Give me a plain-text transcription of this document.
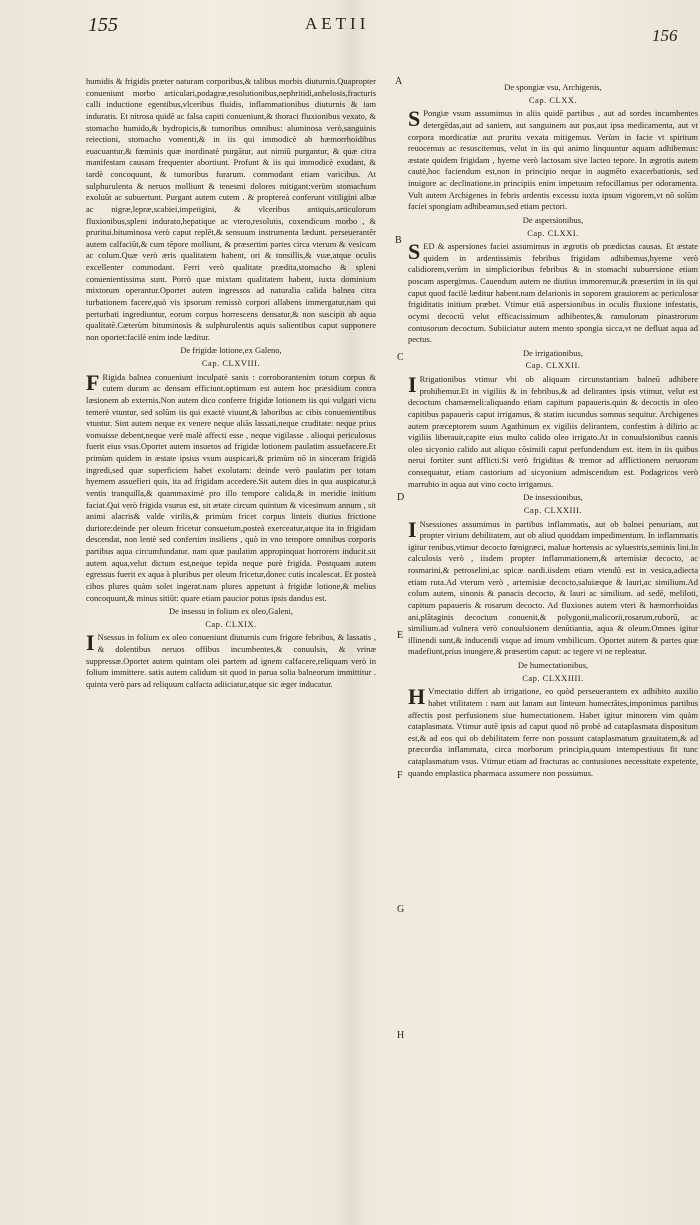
155	AETII
156
A
B
C
D
E
F
G
H

humidis & frigidis præter naturam corporibus,& talibus morbis diuturnis.Quapropter conueniunt morbo articulari,podagræ,resolutionibus,nephritidi,anhelosis,fracturis calli inductione egentibus,vlceribus fluidis, inflammationibus diuturnis & iam induratis. Et nitrosa quidē ac falsa capiti conueniunt,& thoraci fluxionibus vexato, & stomacho humido,& hydropicis,& tumoribus omnibus: aluminosa verò,sanguinis reiectioni, stomacho vomenti,& in iis qui immodicè ab hæmorrhoidibus euacuantur,& fœminis quæ inordinatè purgātur, aut nimiū purgantur, & quæ citra manifestam causam frequenter abortiunt. Profunt & iis qui immodicè exudant, & tardè concoquunt, & tumoribus furarum. commodant etiam varicibus. At sulphurulenta & neruos molliunt & tenesmi dolores mitigant:verùm stomachum exoluūt ac subuertunt. Purgant autem cutem . & proptereà conferunt vitiligini albæ ac nigræ,lepræ,scabiei,impetigini, & vlceribus antiquis,articulorum fluxionibus,spleni indurato,hepatique ac vtero,resolutis, coxendicum morbo , & pruritui.bituminosa verò caput replēt,& sensuum instrumenta lædunt. perseuerantēr autem calfaciūt,& cum tēpore molliunt, & præsertim partes circa vterum & vesicam ac colum.Quæ verò æris qualitatem habent, ori & tonsillis,& vuæ,atque oculis excellenter commodant. Ferri verò qualitate prædita,stomacho & spleni conuenientissima sunt. Porrò quæ mixtam qualitatem habent, iuxta dominium mixtorum operantur.Oportet autem ingressos ad naturalia calida balnea citra turbationem facere,quò vis ipsorum remissò corpori allabens immergatur,nam qui perturbati ingrediuntur, eorum corpus horrescens densatur,& non suscipit ab aqua qualitatē.Cæterùm bituminosis & sulphurulentis aquis salientibus caput supponere non oportet:facilè enim inde læditur.

De frigidæ lotione,ex Galeno,
Cap. CLXVIII.

F Rigida balnea conueniunt inculpatè sanis : corroborantenim totum corpus & cutem duram ac densam efficiunt.optimum est autem hoc præsidium contra læsionem ab externis.Non autem dico conferre frigidæ lotionem iis qui vulgari victu temerè vtuntur, sed solūm iis qui exactè viuunt,& laboribus ac cibis conuenientibus vtuntur. Sint autem neque ex venere neque aliās lassati,neque cruditate: neque prius vomuisse debent,neque verè malè affecti esse , neque vigilasse . alioqui periculosus fuerit eius vsus.Oportet autem insuetos ad frigidæ lotionem paulatim assuefacere.Et primùm quidem in æstate ipsius vsum auspicari,& primùm nō in sinceram frigidā ingredi,sed quæ superficiem habet exolutam: deinde verò paulatim per totam hyemem assuefieri quis, ita ad frigidam accedere.Sit autem dies in qua auspicatur,à ventis tranquilla,& quammaximè pro illo tempore calida,& in meridie initium faciat.Qui verò frigida vsurus est, sit ætate circum quintum & vicesimum annum , sit animi alacris& valde virilis,& primùm fricet corpus linteis diutius frictione duriore:deinde per oleum fricetur consuetum,posteà exerceatur,atque ita in frigidam descendat, non lentè sed confertim insiliens , quò in vno tempore omnibus corporis partibus aqua circumfundatur. nam quæ paulatim appropinquat horrorem inducit.sit autem aqua,velut dictum est,neque tepida neque purè frigida. Postquam autem egressus fuerit ex aqua à pluribus per oleum fricetur,donec cutis incalescat. Et posteà cibos plures quàm solet ingerat.nam plures appetunt à frigidæ lotione,& melius concoquunt,& minus sitiūt: quare etiam paucior potus ipsis dandus est.

De insessu in folium ex oleo,Galeni,
Cap. CLXIX.

I Nsessus in folium ex oleo conueniunt diuturnis cum frigore febribus, & lassatis , & dolentibus neruos offibus incumbentes,& conuulsis, & vrinæ suppressæ.Oportet autem quintam olei partem ad ignem calfacere,reliquam verò in folium immittere. satis autem calidum sit quod in parua solia balneorum immittitur . quinta verò pars ad reliquum calfacta adiiciatur,atque sic æger inducatur.

De spongiæ vsu, Archigenis,
Cap. CLXX.

S Pongiæ vsum assumimus in aliis quidē partibus , aut ad sordes incumbentes detergēdas,aut ad saniem, aut sanguinem aut pus,aut ipsa medicamenta, aut vt corpora mordicatiæ aut pruritu vexata mitigemus. Verùm in facie vt spiritum reuocemus ac resuscitemus, velut in iis qui animo linquuntur aquam adhibemus: æstate quidem frigidam , hyeme verò lactosam sive lacteo tepore. In ægrotis autem cautè,hoc faciendum est,non in principio neque in augmēto exacerbationis, sed inuigore ac declinatione.in principiis enim impetuum refocillamus per odoramenta. Vult autem Archigenes in febris ardentis excessu iuxta ipsum vigorem,vt nō solūm faciei spongiam adhibeamus,sed etiam pectori.

De aspersionibus,
Cap. CLXXI.

SED & aspersiones faciei assumimus in ægrotis ob prædictas causas. Et æstate quidem in ardentissimis febribus frigidam adhibemus,hyeme verò calidiorem,verùm in simplicioribus febribus & in stomachi subuersione etiam poscam aspergimus. Cauendum autem ne diutius immoremur,& præsertim in iis qui caput quod facilè læditur habent.nam delarionis in soporem grauiorem ac periculosæ frigiditatis initium præbet. Vtimur etiā aspersionibus in oculis fluxione infestatis, ocymi decoctū velut efficacissimum adhibentes,& ramulorum pinastrorum contusorum decoctum. Subiiciatur autem mento spongia sicca,vt ne defluat aqua ad pectus.

De irrigationibus,
Cap. CLXXII.

I Rrigationibus vtimur vbi ob aliquam circunstantiam balneū adhibere prohibemur.Et in vigiliis & in febribus,& ad delirantes ipsis vtimur, velut est decoctum chamæmeli:aliquando etiam capitum papaueris.quin & decoctis in oleo capitibus papaueris caput irrigamus, & statim iucundus somnus sequitur. Archigenes autem præceptorem suum Agathinum ex vigiliis delirantem, confestim à dilirio ac vigiliis liberauit,capite eius multo calido oleo irrigato.At in conuulsionibus cannis oleo sicyonio calido aut aliquo cōsimili caput perfundendum est. item in iis quibus nerui fortiter sunt afflicti.Si verò frigiditas & tremor ad afflictionem neruorum consequatur, etiam castorium ad sicyonium admiscendum est. Podagricos verò marrubio in aqua aut vino cocto irrigamus.

De insessionibus,
Cap. CLXXIII.

I Nsessiones assumimus in partibus inflammatis, aut ob balnei penuriam, aut propter virium debilitatem, aut ob aliud quoddam impedimentum. In inflammatis igitur renibus,vtimur decocto fœnigræci, maluæ hortensis ac syluestris,seminis lini.In calculosis verò , iisdem propter inflammationem,& artemisiæ decocto, ac rosmarini,& petroselini,ac spicæ nardi.iisdem etiam vtendū est in vesica,adiecta etiam ruta.Ad vterum verò , artemisiæ decocto,saluiæque & lauri,ac similium.Ad colum autem, sinonis & panacis decocto, & lauri ac similium. ad sedē, meliloti, capitum papaueris & rosarum decocto. Ad fluxiones autem vteri & hæmorrhoidas ani,plātaginis decoctum conuenit,& polygonii,malicorii,rosarum,ruborū, ac similium.ad vulnera verò conuulsionem denūtiantia, aqua & oleum.Omnes igitur illinendi sunt,& inducendi vsque ad imum vmbilicum. Oportet autem & partes quæ madefiunt,prius inungere,& præsertim caput: ac tegere vt ne repleatur.

De humectationibus,
Cap. CLXXIIII.

H Vmectatio differt ab irrigatione, eo quòd perseuerantem ex adhibito auxilio habet vtilitatem : nam aut lanam aut linteum humectātes,imponimus partibus affectis post perfusionem siue humectationem. Habet igitur minorem vim quàm cataplasmata. Vtimur autē ipsis ad caput quod nō probè ad cataplasmata dispositum est,& ad eos qui ob debilitatem ferre non possunt cataplasmatum grauitatem,& ad præcordia inflammata, circa morborum principia,quum intempestiuus fit tunc cataplasmatum vsus. Vtimur etiam ad fracturas ac contusiones necessitate expetente, quando emplastica pharmaca assumere non possumus.
